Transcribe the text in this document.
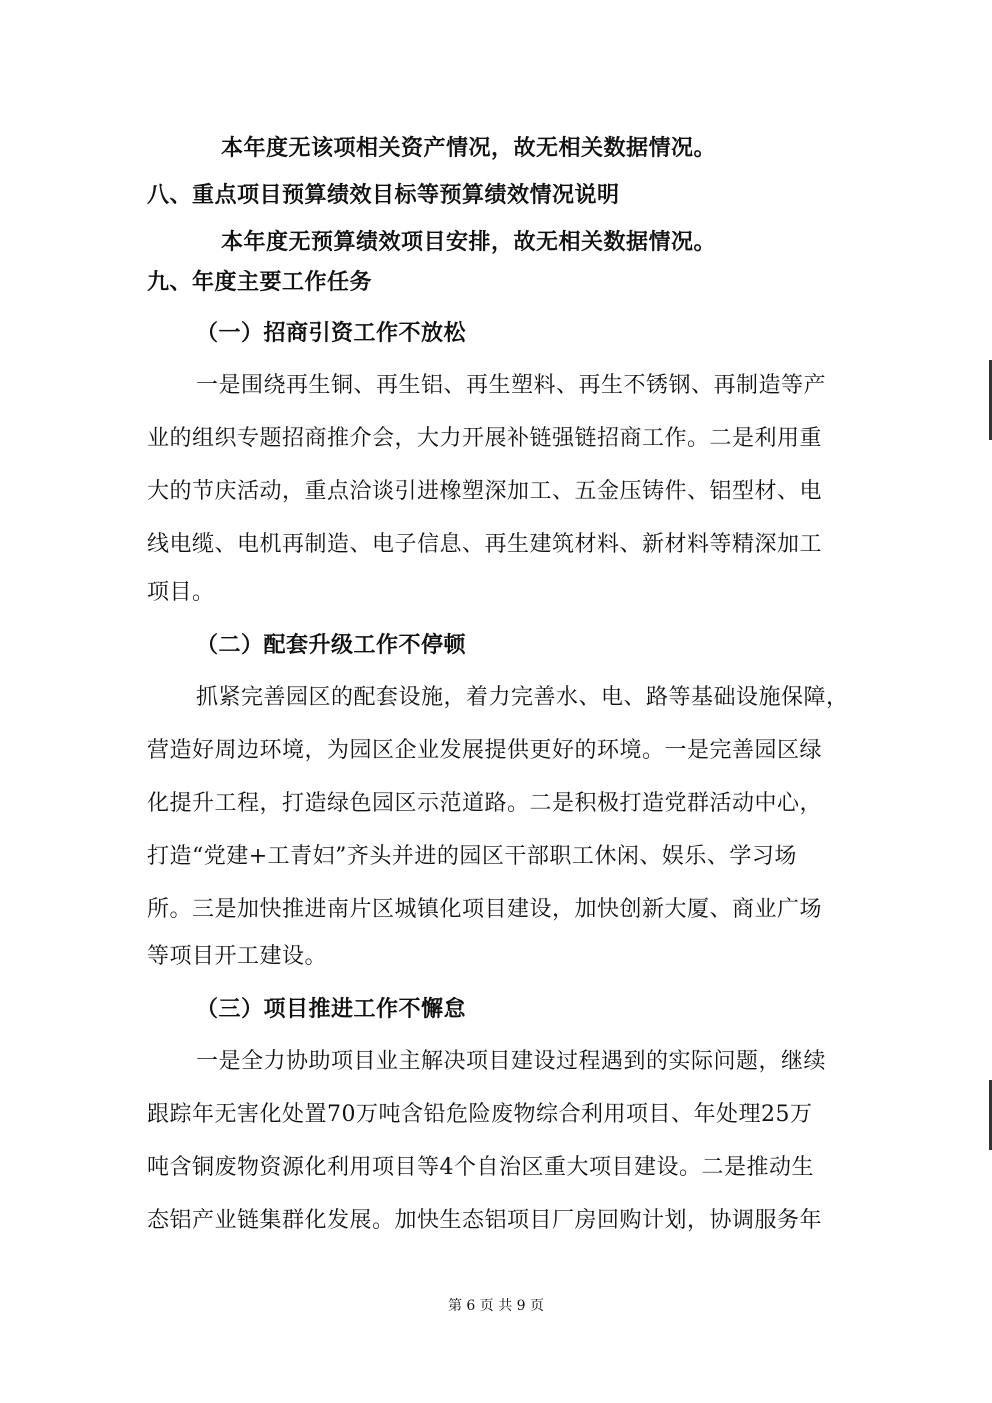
本年度无该项相关资产情况，故无相关数据情况。
八、重点项目预算绩效目标等预算绩效情况说明
本年度无预算绩效项目安排，故无相关数据情况。
九、年度主要工作任务
（一）招商引资工作不放松
一是围绕再生铜、再生铝、再生塑料、再生不锈钢、再制造等产
业的组织专题招商推介会，大力开展补链强链招商工作。二是利用重
大的节庆活动，重点洽谈引进橡塑深加工、五金压铸件、铝型材、电
线电缆、电机再制造、电子信息、再生建筑材料、新材料等精深加工
项目。
（二）配套升级工作不停顿
抓紧完善园区的配套设施，着力完善水、电、路等基础设施保障，
营造好周边环境，为园区企业发展提供更好的环境。一是完善园区绿
化提升工程，打造绿色园区示范道路。二是积极打造党群活动中心，
打造“党建+工青妇”齐头并进的园区干部职工休闲、娱乐、学习场
所。三是加快推进南片区城镇化项目建设，加快创新大厦、商业广场
等项目开工建设。
（三）项目推进工作不懈怠
一是全力协助项目业主解决项目建设过程遇到的实际问题，继续
跟踪年无害化处置70万吨含铅危险废物综合利用项目、年处理25万
吨含铜废物资源化利用项目等4个自治区重大项目建设。二是推动生
态铝产业链集群化发展。加快生态铝项目厂房回购计划，协调服务年
第 6 页 共 9 页
